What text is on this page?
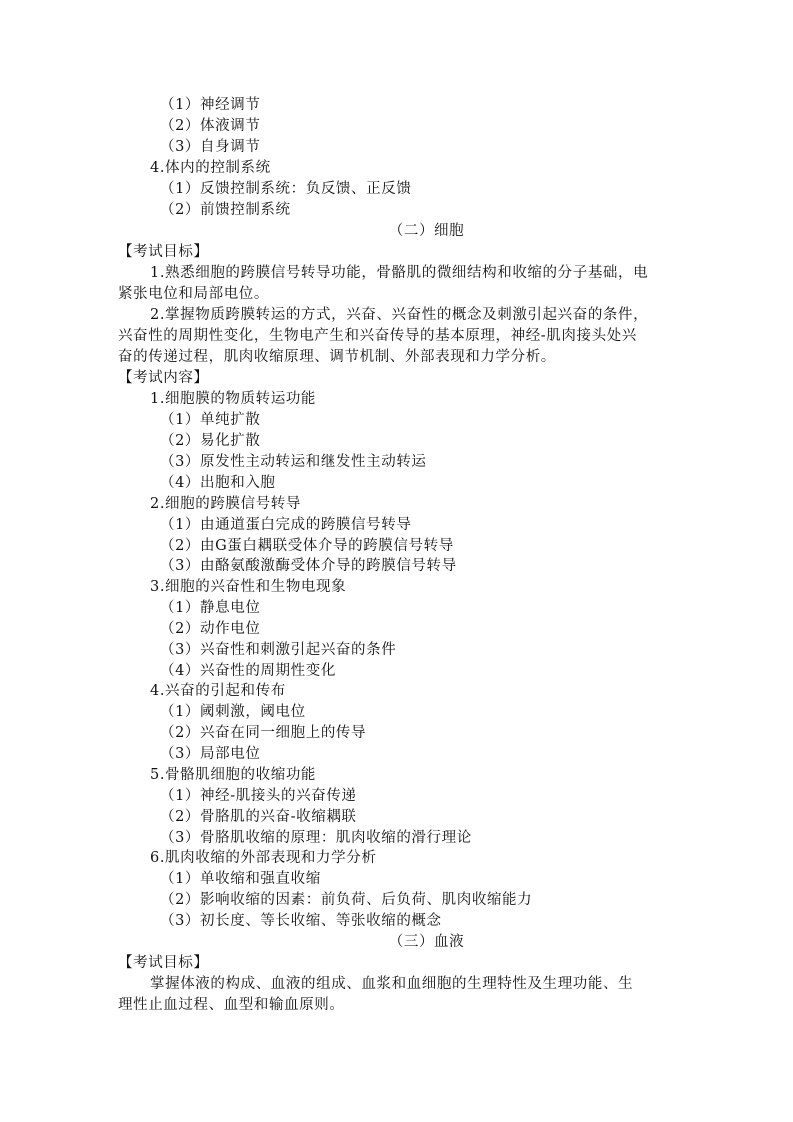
（1）神经调节
（2）体液调节
（3）自身调节
4.体内的控制系统
（1）反馈控制系统：负反馈、正反馈
（2）前馈控制系统
（二）细胞
【考试目标】
1.熟悉细胞的跨膜信号转导功能，骨骼肌的微细结构和收缩的分子基础，电
紧张电位和局部电位。
2.掌握物质跨膜转运的方式，兴奋、兴奋性的概念及刺激引起兴奋的条件，
兴奋性的周期性变化，生物电产生和兴奋传导的基本原理，神经-肌肉接头处兴
奋的传递过程，肌肉收缩原理、调节机制、外部表现和力学分析。
【考试内容】
1.细胞膜的物质转运功能
（1）单纯扩散
（2）易化扩散
（3）原发性主动转运和继发性主动转运
（4）出胞和入胞
2.细胞的跨膜信号转导
（1）由通道蛋白完成的跨膜信号转导
（2）由G蛋白耦联受体介导的跨膜信号转导
（3）由酪氨酸激酶受体介导的跨膜信号转导
3.细胞的兴奋性和生物电现象
（1）静息电位
（2）动作电位
（3）兴奋性和刺激引起兴奋的条件
（4）兴奋性的周期性变化
4.兴奋的引起和传布
（1）阈刺激，阈电位
（2）兴奋在同一细胞上的传导
（3）局部电位
5.骨骼肌细胞的收缩功能
（1）神经-肌接头的兴奋传递
（2）骨胳肌的兴奋-收缩耦联
（3）骨胳肌收缩的原理：肌肉收缩的滑行理论
6.肌肉收缩的外部表现和力学分析
（1）单收缩和强直收缩
（2）影响收缩的因素：前负荷、后负荷、肌肉收缩能力
（3）初长度、等长收缩、等张收缩的概念
（三）血液
【考试目标】
掌握体液的构成、血液的组成、血浆和血细胞的生理特性及生理功能、生
理性止血过程、血型和输血原则。
